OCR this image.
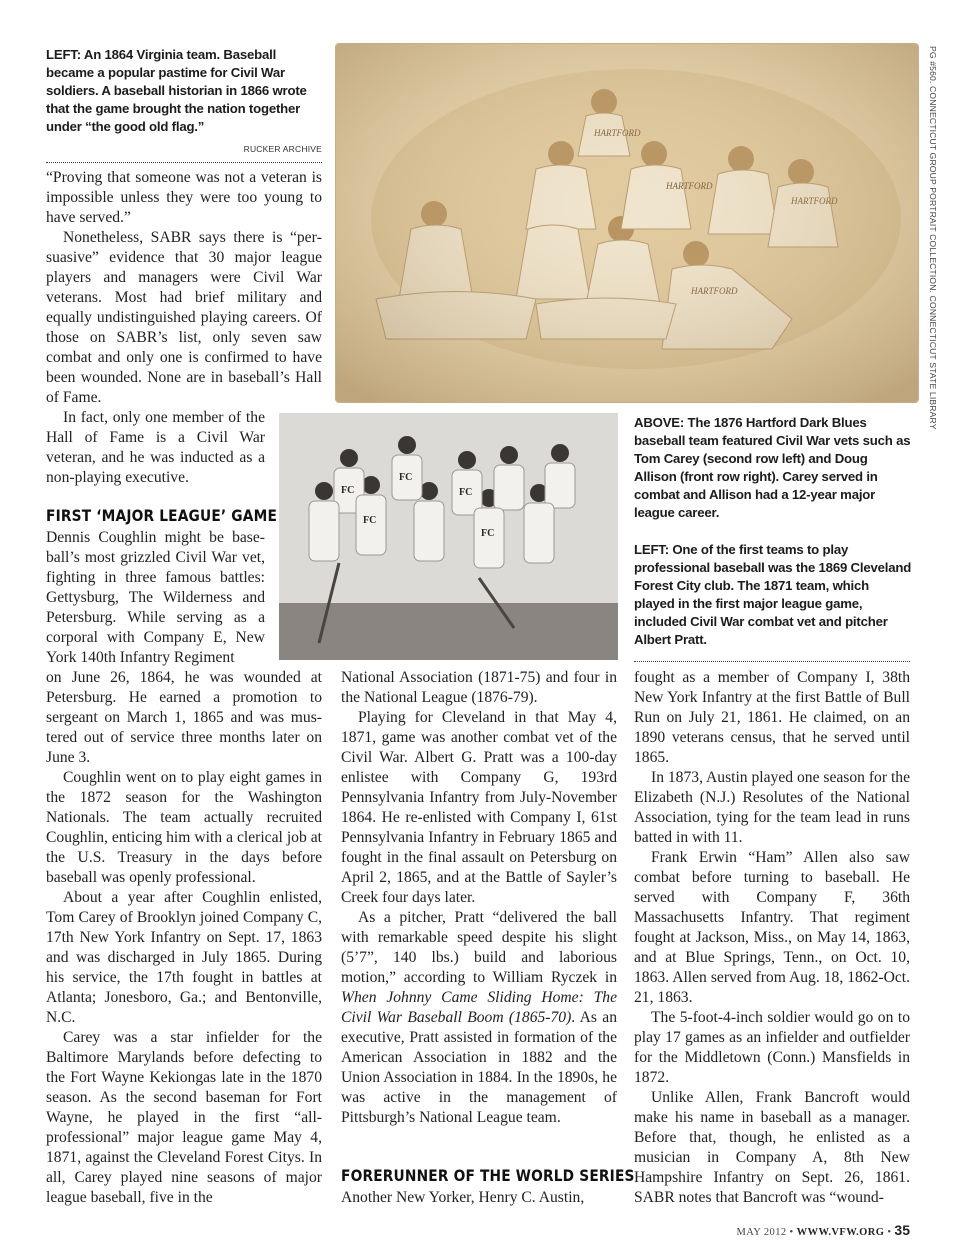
LEFT: An 1864 Virginia team. Baseball became a popular pastime for Civil War soldiers. A baseball historian in 1866 wrote that the game brought the nation together under “the good old flag.”
RUCKER ARCHIVE	PG #560. CONNECTICUT GROUP PORTRAIT COLLECTION. CONNECTICUT STATE LIBRARY
FC
FC
FC
FC
FC
ABOVE: The 1876 Hartford Dark Blues baseball team featured Civil War vets such as Tom Carey (second row left) and Doug Allison (front row right). Carey served in combat and Allison had a 12-year major league career.
LEFT: One of the first teams to play professional baseball was the 1869 Cleveland Forest City club. The 1871 team, which played in the first major league game, included Civil War combat vet and pitcher Albert Pratt.

“Proving that someone was not a veteran is impossible unless they were too young to have served.”

Nonetheless, SABR says there is “persuasive” evidence that 30 major league players and managers were Civil War veterans. Most had brief military and equally undistinguished playing careers. Of those on SABR’s list, only seven saw combat and only one is confirmed to have been wounded. None are in baseball’s Hall of Fame.

In fact, only one member of the Hall of Fame is a Civil War veteran, and he was inducted as a non-playing executive.

FIRST ‘MAJOR LEAGUE’ GAME

Dennis Coughlin might be baseball’s most grizzled Civil War vet, fighting in three famous battles: Gettysburg, The Wilderness and Petersburg. While serving as a corporal with Company E, New York 140th Infantry Regiment

on June 26, 1864, he was wounded at Petersburg. He earned a promotion to sergeant on March 1, 1865 and was mustered out of service three months later on June 3.

Coughlin went on to play eight games in the 1872 season for the Washington Nationals. The team actually recruited Coughlin, enticing him with a clerical job at the U.S. Treasury in the days before baseball was openly professional.

About a year after Coughlin enlisted, Tom Carey of Brooklyn joined Company C, 17th New York Infantry on Sept. 17, 1863 and was discharged in July 1865. During his service, the 17th fought in battles at Atlanta; Jonesboro, Ga.; and Bentonville, N.C.

Carey was a star infielder for the Baltimore Marylands before defecting to the Fort Wayne Kekiongas late in the 1870 season. As the second baseman for Fort Wayne, he played in the first “all-professional” major league game May 4, 1871, against the Cleveland Forest Citys. In all, Carey played nine seasons of major league baseball, five in the

National Association (1871-75) and four in the National League (1876-79).

Playing for Cleveland in that May 4, 1871, game was another combat vet of the Civil War. Albert G. Pratt was a 100-day enlistee with Company G, 193rd Pennsylvania Infantry from July-November 1864. He re-enlisted with Company I, 61st Pennsylvania Infantry in February 1865 and fought in the final assault on Petersburg on April 2, 1865, and at the Battle of Sayler’s Creek four days later.

As a pitcher, Pratt “delivered the ball with remarkable speed despite his slight (5’7”, 140 lbs.) build and laborious motion,” according to William Ryczek in When Johnny Came Sliding Home: The Civil War Baseball Boom (1865-70). As an executive, Pratt assisted in formation of the American Association in 1882 and the Union Association in 1884. In the 1890s, he was active in the management of Pittsburgh’s National League team.

FORERUNNER OF THE WORLD SERIES

Another New Yorker, Henry C. Austin,

fought as a member of Company I, 38th New York Infantry at the first Battle of Bull Run on July 21, 1861. He claimed, on an 1890 veterans census, that he served until 1865.

In 1873, Austin played one season for the Elizabeth (N.J.) Resolutes of the National Association, tying for the team lead in runs batted in with 11.

Frank Erwin “Ham” Allen also saw combat before turning to baseball. He served with Company F, 36th Massachusetts Infantry. That regiment fought at Jackson, Miss., on May 14, 1863, and at Blue Springs, Tenn., on Oct. 10, 1863. Allen served from Aug. 18, 1862-Oct. 21, 1863.

The 5-foot-4-inch soldier would go on to play 17 games as an infielder and outfielder for the Middletown (Conn.) Mansfields in 1872.

Unlike Allen, Frank Bancroft would make his name in baseball as a manager. Before that, though, he enlisted as a musician in Company A, 8th New Hampshire Infantry on Sept. 26, 1861. SABR notes that Bancroft was “wound-

MAY 2012 • WWW.VFW.ORG • 35
